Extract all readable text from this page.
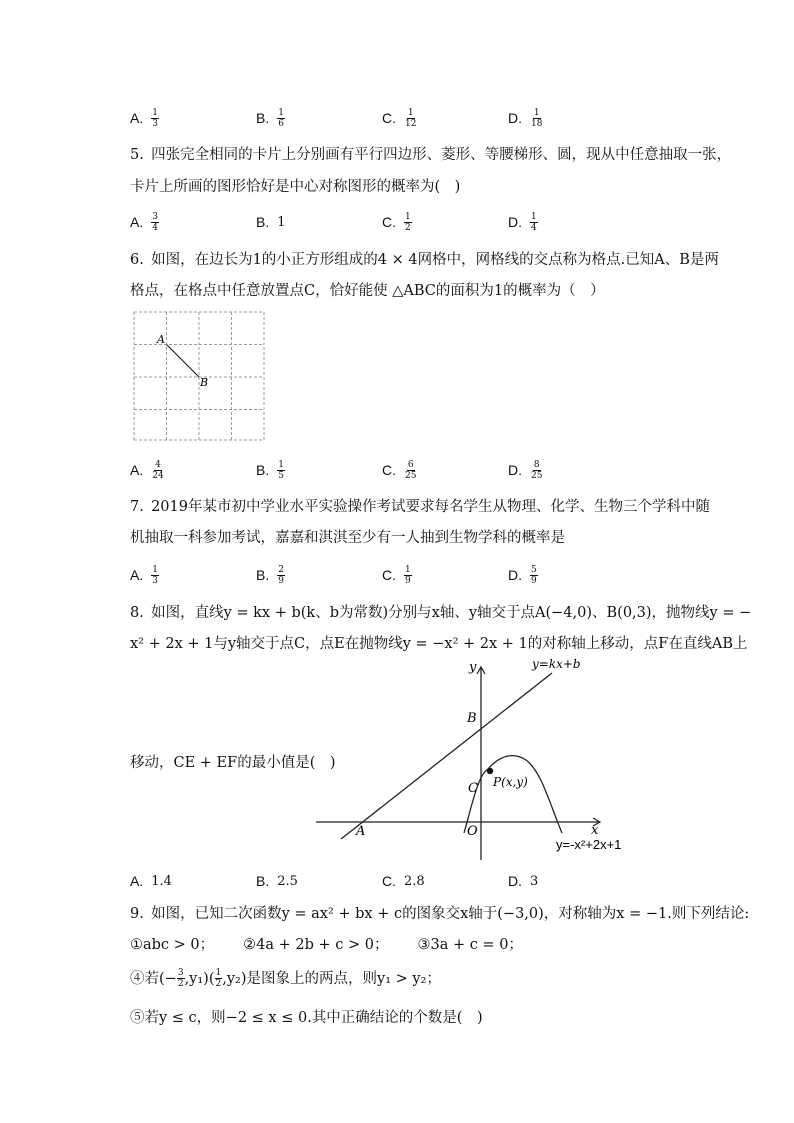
A. $\frac{1}{3}$	B. $\frac{1}{6}$	C. $\frac{1}{12}$	D. $\frac{1}{18}$
5. 四张完全相同的卡片上分别画有平行四边形、菱形、等腰梯形、圆，现从中任意抽取一张，
卡片上所画的图形恰好是中心对称图形的概率为( )
A. $\frac{3}{4}$	B. 1	C. $\frac{1}{2}$	D. $\frac{1}{4}$
6. 如图，在边长为1的小正方形组成的4 × 4网格中，网格线的交点称为格点.已知A、B是两
格点，在格点中任意放置点C，恰好能使 △ABC的面积为1的概率为（ ）
A
B
A. $\frac{4}{24}$	B. $\frac{1}{5}$	C. $\frac{6}{25}$	D. $\frac{8}{25}$
7. 2019年某市初中学业水平实验操作考试要求每名学生从物理、化学、生物三个学科中随
机抽取一科参加考试，嘉嘉和淇淇至少有一人抽到生物学科的概率是
A. $\frac{1}{3}$	B. $\frac{2}{9}$	C. $\frac{1}{9}$	D. $\frac{5}{9}$
8. 如图，直线y = kx + b(k、b为常数)分别与x轴、y轴交于点A(−4,0)、B(0,3)，抛物线y = −
x² + 2x + 1与y轴交于点C，点E在抛物线y = −x² + 2x + 1的对称轴上移动，点F在直线AB上
移动，CE + EF的最小值是( )
y	y=kx+b
B
P(x,y)
C
x
A	O
y=-x²+2x+1
A. 1.4	B. 2.5	C. 2.8	D. 3
9. 如图，已知二次函数y = ax² + bx + c的图象交x轴于(−3,0)，对称轴为x = −1.则下列结论:
①abc > 0；  ②4a + 2b + c > 0；  ③3a + c = 0；
④若( − $\frac{3}{2}$ , $y_1)( \frac{1}{2} ,y_2)$是图象上的两点，则y₁ > y₂；
⑤若y ≤ c，则−2 ≤ x ≤ 0.其中正确结论的个数是( )
